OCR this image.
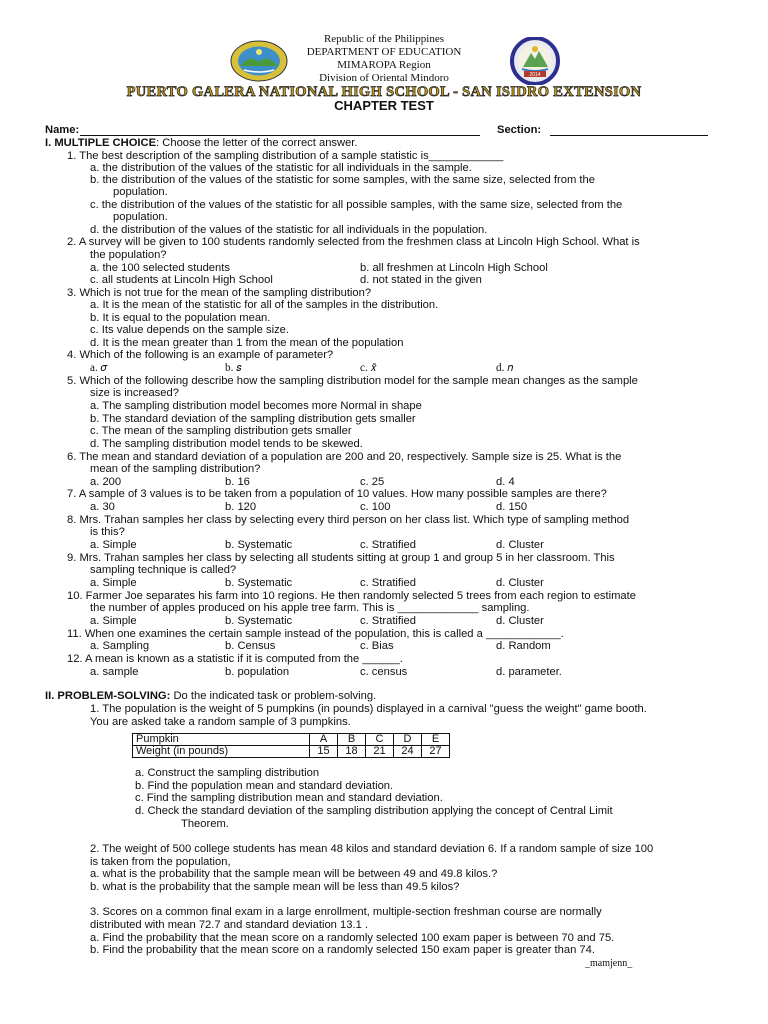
2014
Republic of the Philippines
DEPARTMENT OF EDUCATION
MIMAROPA Region
Division of Oriental Mindoro
PUERTO GALERA NATIONAL HIGH SCHOOL - SAN ISIDRO EXTENSION
CHAPTER TEST
Name:	Section:
I. MULTIPLE CHOICE: Choose the letter of the correct answer.
1. The best description of the sampling distribution of a sample statistic is____________
a. the distribution of the values of the statistic for all individuals in the sample.
b. the distribution of the values of the statistic for some samples, with the same size, selected from the
population.
c. the distribution of the values of the statistic for all possible samples, with the same size, selected from the
population.
d. the distribution of the values of the statistic for all individuals in the population.
2. A survey will be given to 100 students randomly selected from the freshmen class at Lincoln High School. What is
the population?
a. the 100 selected students	b. all freshmen at Lincoln High School
c. all students at Lincoln High School	d. not stated in the given
3. Which is not true for the mean of the sampling distribution?
a. It is the mean of the statistic for all of the samples in the distribution.
b. It is equal to the population mean.
c. Its value depends on the sample size.
d. It is the mean greater than 1 from the mean of the population
4. Which of the following is an example of parameter?
a. 𝜎	b. 𝑠	c. 𝑥̄	d. 𝑛
5. Which of the following describe how the sampling distribution model for the sample mean changes as the sample
size is increased?
a. The sampling distribution model becomes more Normal in shape
b. The standard deviation of the sampling distribution gets smaller
c. The mean of the sampling distribution gets smaller
d. The sampling distribution model tends to be skewed.
6. The mean and standard deviation of a population are 200 and 20, respectively. Sample size is 25. What is the
mean of the sampling distribution?
a. 200	b. 16	c. 25	d. 4
7. A sample of 3 values is to be taken from a population of 10 values. How many possible samples are there?
a. 30	b. 120	c. 100	d. 150
8. Mrs. Trahan samples her class by selecting every third person on her class list. Which type of sampling method
is this?
a. Simple	b. Systematic	c. Stratified	d. Cluster
9. Mrs. Trahan samples her class by selecting all students sitting at group 1 and group 5 in her classroom. This
sampling technique is called?
a. Simple	b. Systematic	c. Stratified	d. Cluster
10. Farmer Joe separates his farm into 10 regions. He then randomly selected 5 trees from each region to estimate
the number of apples produced on his apple tree farm. This is _____________ sampling.
a. Simple	b. Systematic	c. Stratified	d. Cluster
11. When one examines the certain sample instead of the population, this is called a ____________.
a. Sampling	b. Census	c. Bias	d. Random
12. A mean is known as a statistic if it is computed from the ______.
a. sample	b. population	c. census	d. parameter.
II. PROBLEM-SOLVING: Do the indicated task or problem-solving.
1. The population is the weight of 5 pumpkins (in pounds) displayed in a carnival "guess the weight" game booth.
You are asked take a random sample of 3 pumpkins.
Pumpkin	A	B	C	D	E
Weight (in pounds)	15	18	21	24	27
a. Construct the sampling distribution
b. Find the population mean and standard deviation.
c. Find the sampling distribution mean and standard deviation.
d. Check the standard deviation of the sampling distribution applying the concept of Central Limit
Theorem.
2. The weight of 500 college students has mean 48 kilos and standard deviation 6. If a random sample of size 100
is taken from the population,
a. what is the probability that the sample mean will be between 49 and 49.8 kilos.?
b. what is the probability that the sample mean will be less than 49.5 kilos?
3. Scores on a common final exam in a large enrollment, multiple-section freshman course are normally
distributed with mean 72.7 and standard deviation 13.1 .
a. Find the probability that the mean score on a randomly selected 100 exam paper is between 70 and 75.
b. Find the probability that the mean score on a randomly selected 150 exam paper is greater than 74.
_mamjenn_
